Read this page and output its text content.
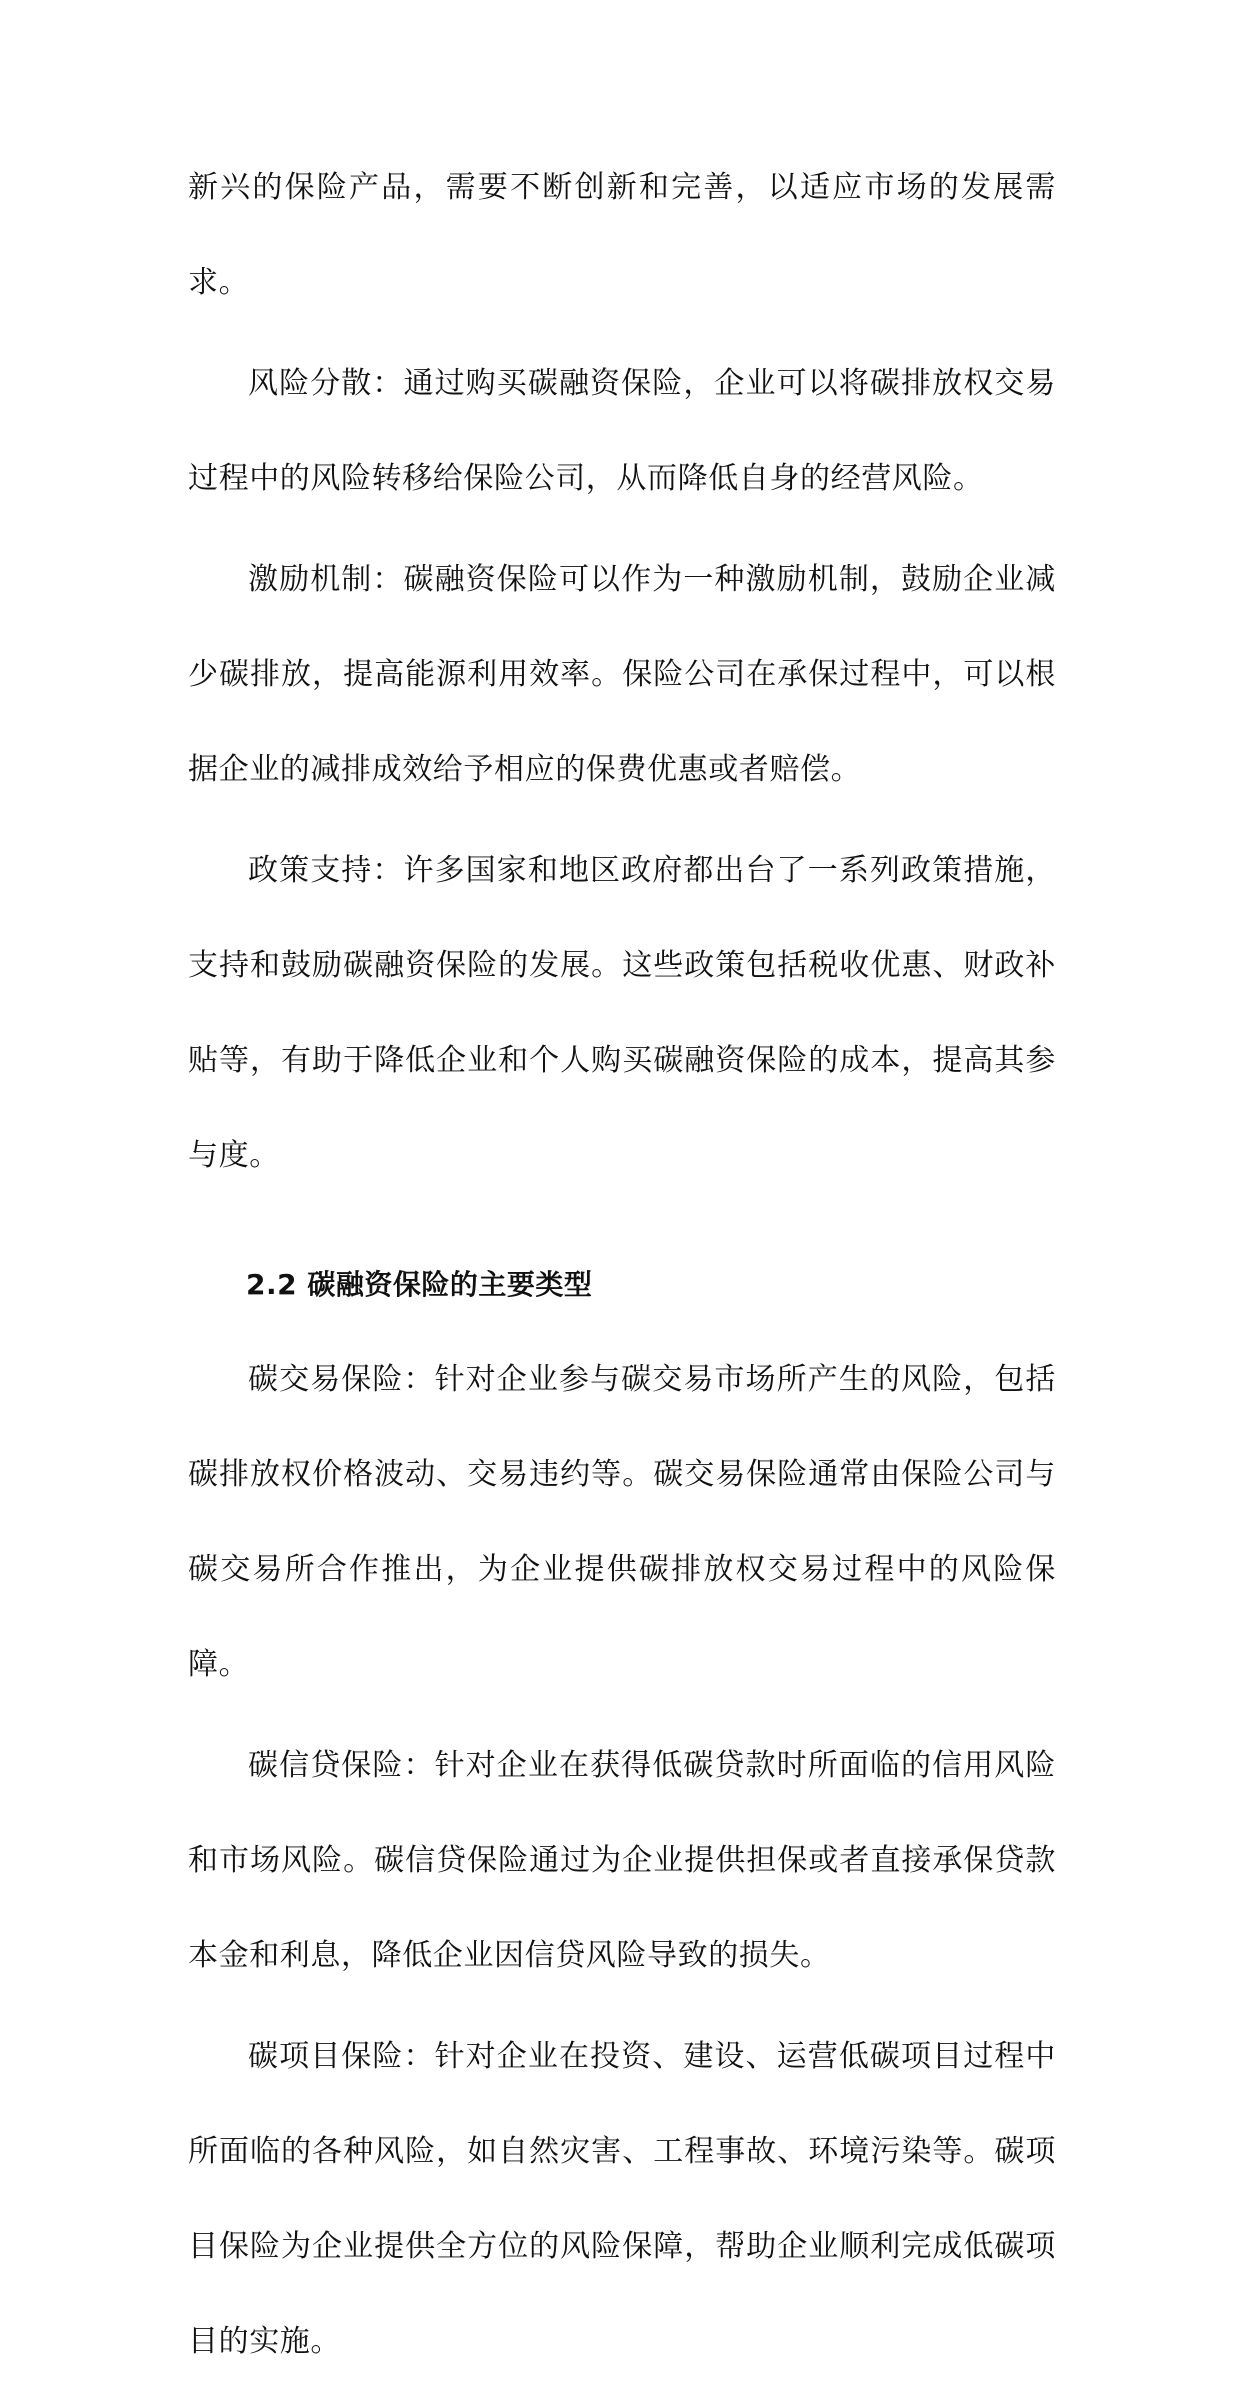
新兴的保险产品，需要不断创新和完善，以适应市场的发展需求。

风险分散：通过购买碳融资保险，企业可以将碳排放权交易过程中的风险转移给保险公司，从而降低自身的经营风险。

激励机制：碳融资保险可以作为一种激励机制，鼓励企业减少碳排放，提高能源利用效率。保险公司在承保过程中，可以根据企业的减排成效给予相应的保费优惠或者赔偿。

政策支持：许多国家和地区政府都出台了一系列政策措施，支持和鼓励碳融资保险的发展。这些政策包括税收优惠、财政补贴等，有助于降低企业和个人购买碳融资保险的成本，提高其参与度。

2.2 碳融资保险的主要类型

碳交易保险：针对企业参与碳交易市场所产生的风险，包括碳排放权价格波动、交易违约等。碳交易保险通常由保险公司与碳交易所合作推出，为企业提供碳排放权交易过程中的风险保障。

碳信贷保险：针对企业在获得低碳贷款时所面临的信用风险和市场风险。碳信贷保险通过为企业提供担保或者直接承保贷款本金和利息，降低企业因信贷风险导致的损失。

碳项目保险：针对企业在投资、建设、运营低碳项目过程中所面临的各种风险，如自然灾害、工程事故、环境污染等。碳项目保险为企业提供全方位的风险保障，帮助企业顺利完成低碳项目的实施。
